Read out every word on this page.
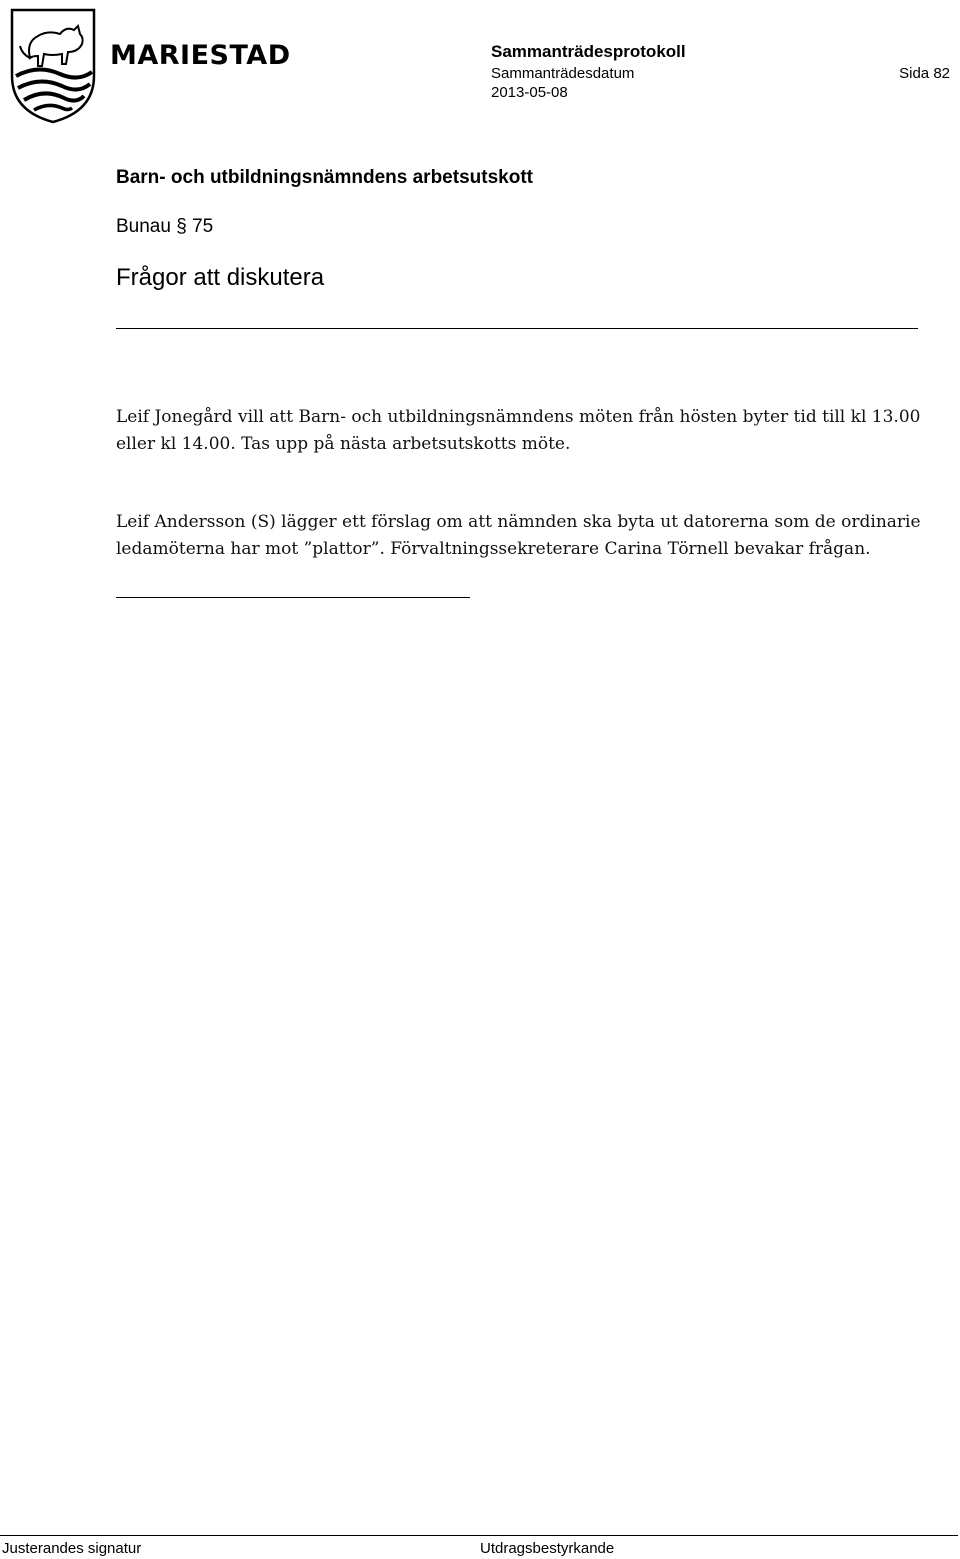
MARIESTAD	Sammanträdesprotokoll
Sammanträdesdatum
2013-05-08
Sida 82
Barn- och utbildningsnämndens arbetsutskott
Bunau § 75
Frågor att diskutera
Leif Jonegård vill att Barn- och utbildningsnämndens möten från hösten byter tid till kl 13.00 eller kl 14.00. Tas upp på nästa arbetsutskotts möte.
Leif Andersson (S) lägger ett förslag om att nämnden ska byta ut datorerna som de ordinarie ledamöterna har mot ”plattor”. Förvaltningssekreterare Carina Törnell bevakar frågan.
Justerandes signatur	Utdragsbestyrkande
